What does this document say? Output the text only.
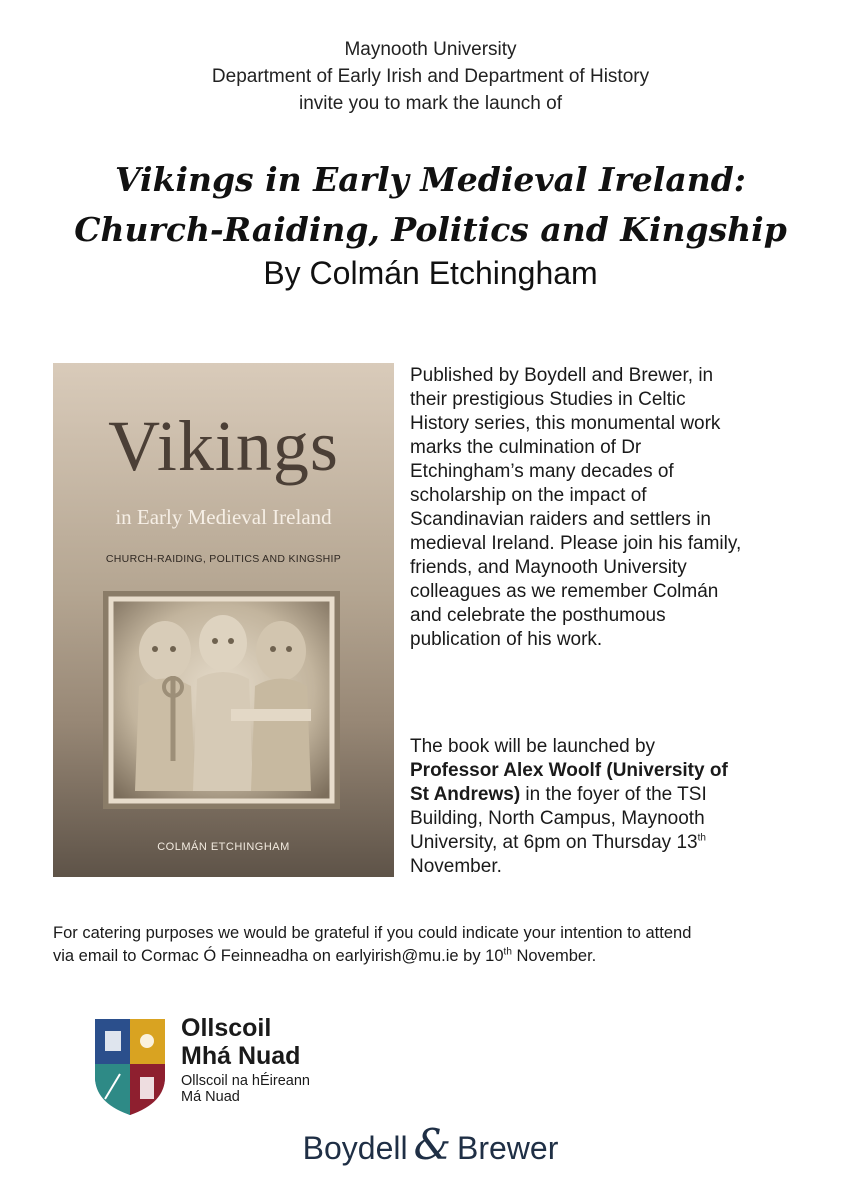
Maynooth University
Department of Early Irish and Department of History
invite you to mark the launch of
Vikings in Early Medieval Ireland:
Church-Raiding, Politics and Kingship
By Colmán Etchingham
Vikings
in Early Medieval Ireland
CHURCH-RAIDING, POLITICS AND KINGSHIP
COLMÁN ETCHINGHAM
Published by Boydell and Brewer, in
their prestigious Studies in Celtic
History series, this monumental work
marks the culmination of Dr
Etchingham’s many decades of
scholarship on the impact of
Scandinavian raiders and settlers in
medieval Ireland. Please join his family,
friends, and Maynooth University
colleagues as we remember Colmán
and celebrate the posthumous
publication of his work.
The book will be launched by
Professor Alex Woolf (University of
St Andrews) in the foyer of the TSI
Building, North Campus, Maynooth
University, at 6pm on Thursday 13th
November.
For catering purposes we would be grateful if you could indicate your intention to attend
via email to Cormac Ó Feinneadha on earlyirish@mu.ie by 10th November.
Ollscoil
Mhá Nuad
Ollscoil na hÉireann
Má Nuad
Boydell & Brewer
